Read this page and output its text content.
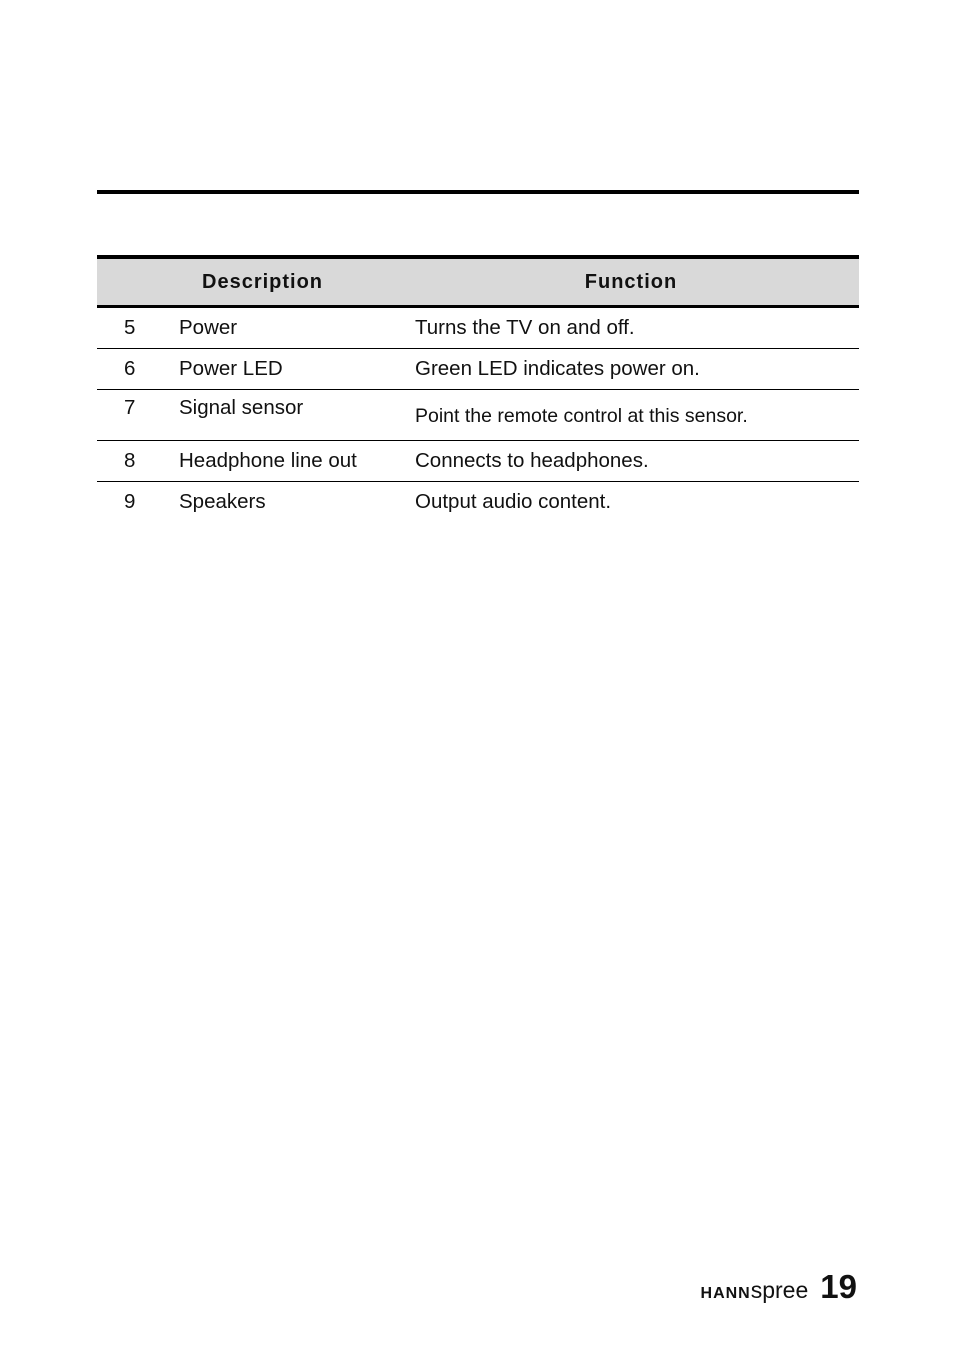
	Description	Function
5	Power	Turns the TV on and off.
6	Power LED	Green LED indicates power on.
7	Signal sensor	Point the remote control at this sensor.
8	Headphone line out	Connects to headphones.
9	Speakers	Output audio content.
HANNspree 19
